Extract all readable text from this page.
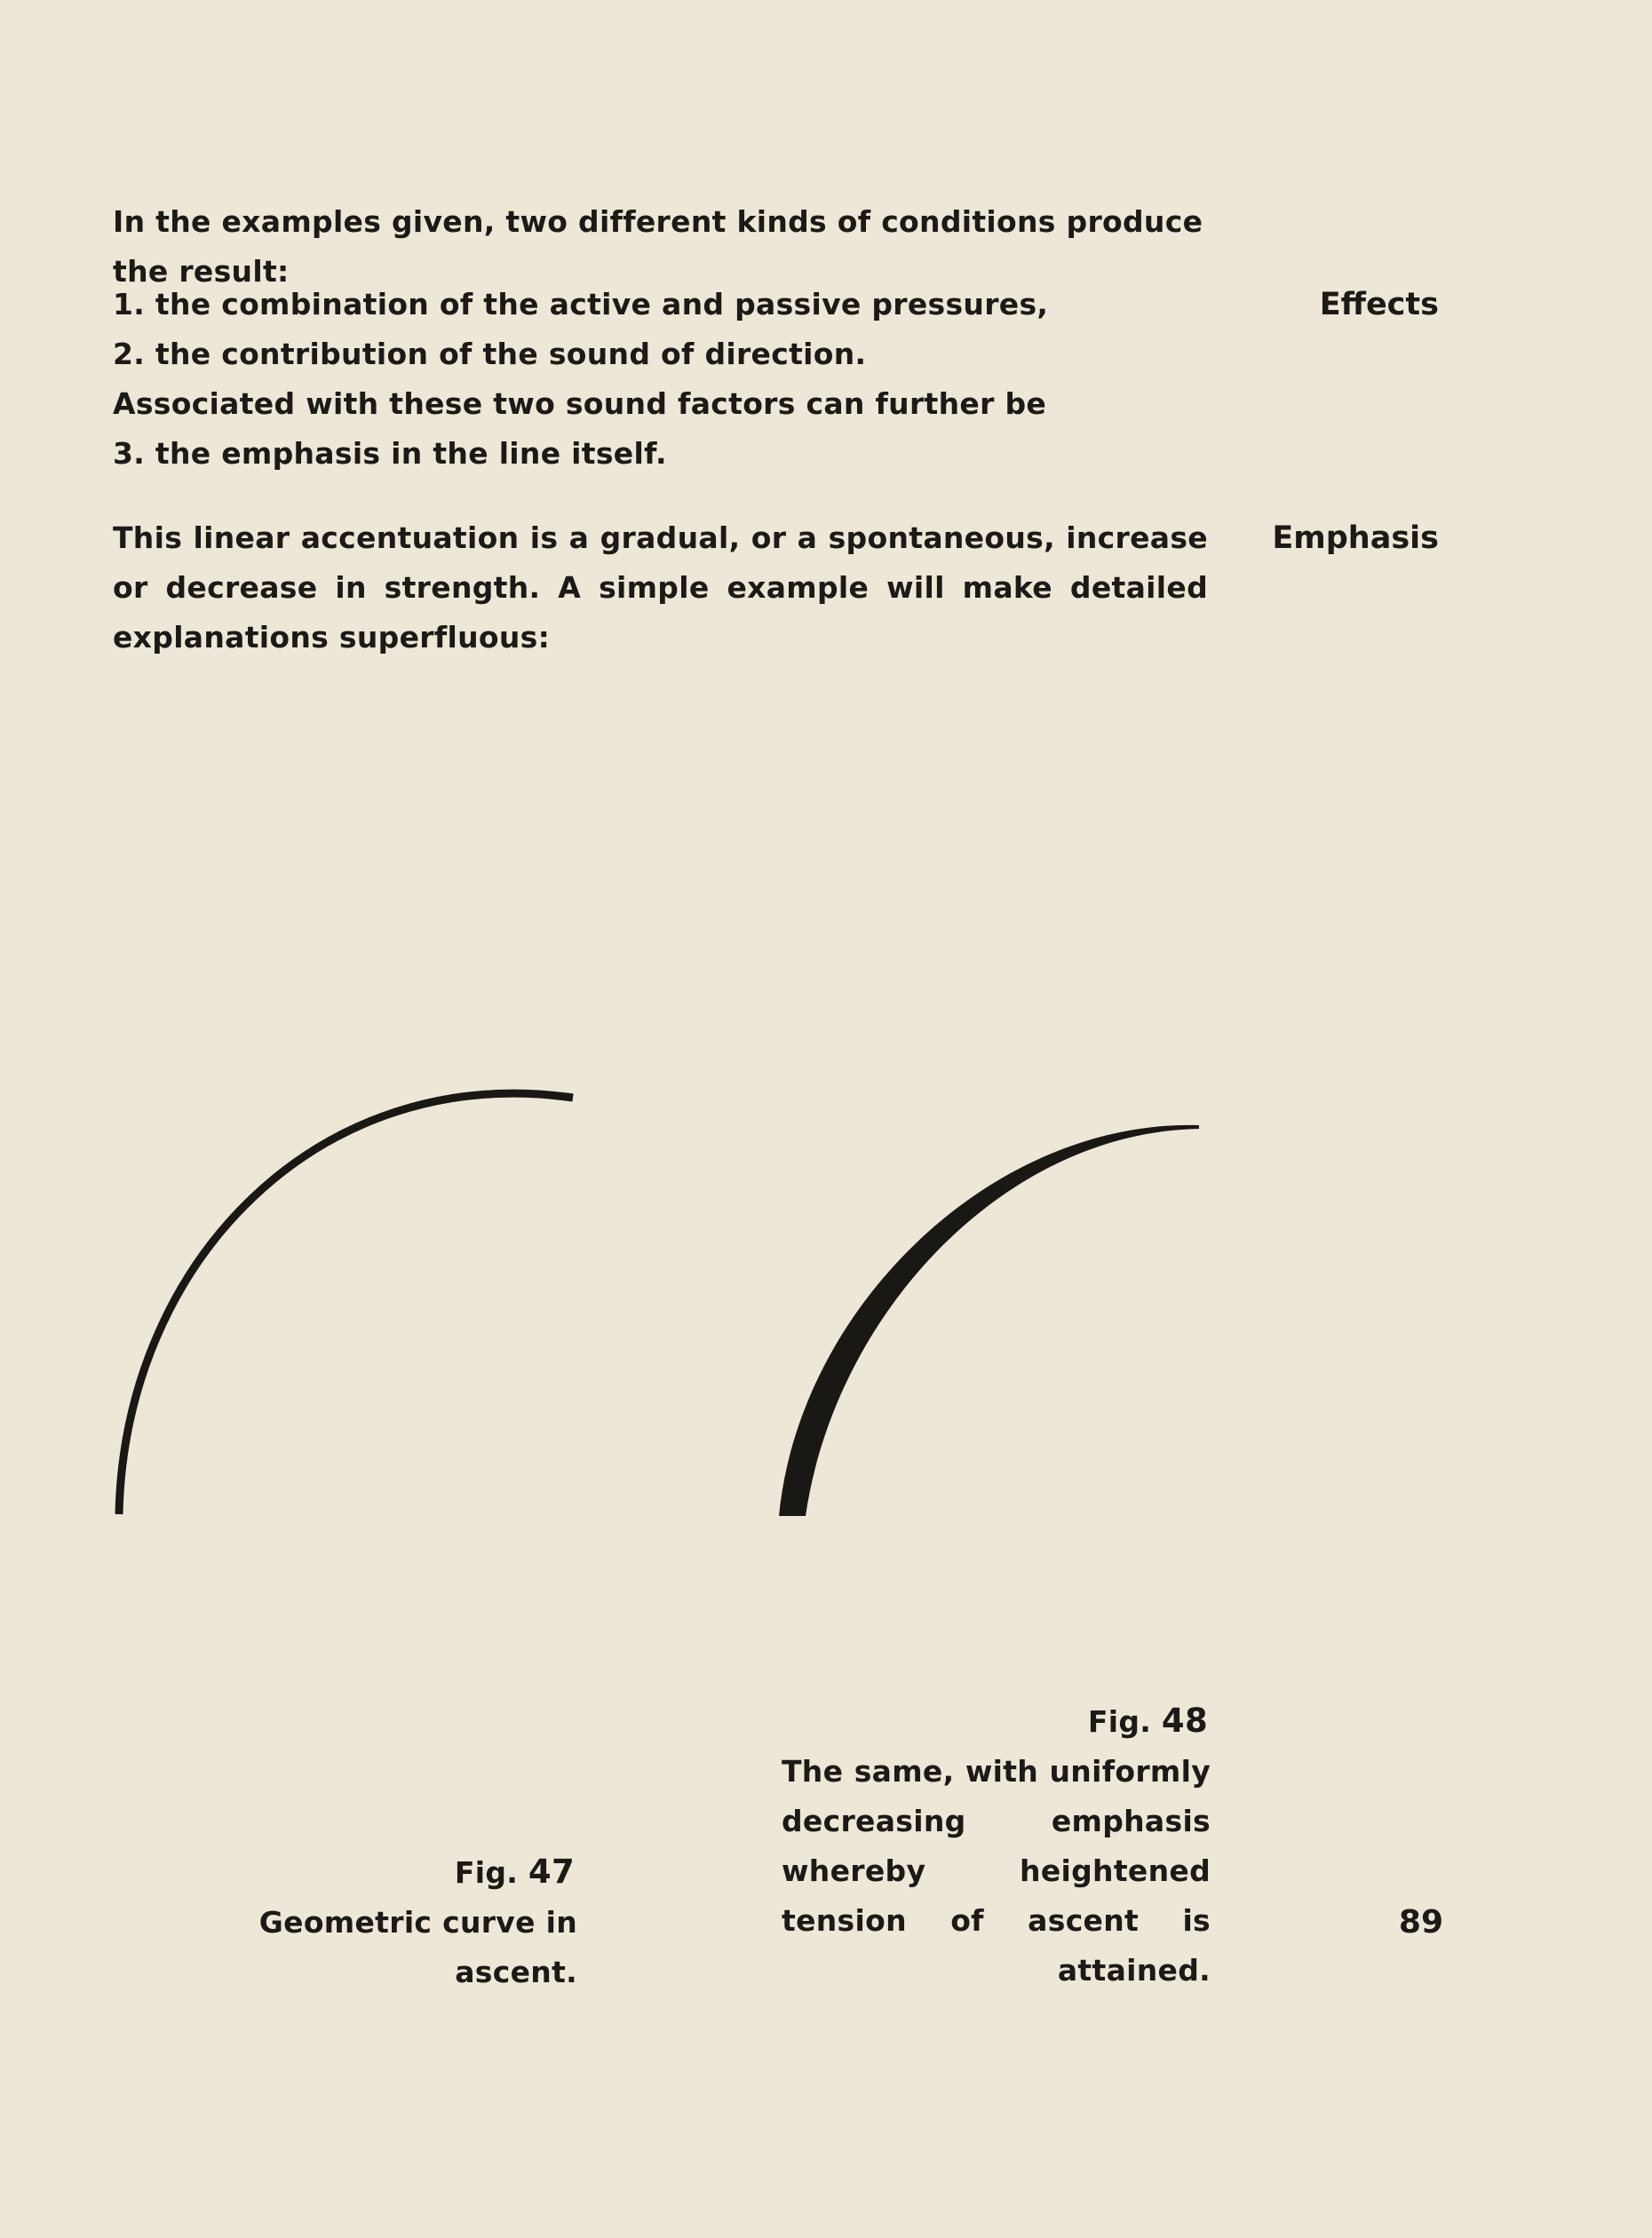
In the examples given, two different kinds of conditions produce the result:
1. the combination of the active and passive pressures,
2. the contribution of the sound of direction.
Associated with these two sound factors can further be
3. the emphasis in the line itself.
Effects
This linear accentuation is a gradual, or a spontaneous, increase or decrease in strength. A simple example will make detailed explanations superfluous:
Emphasis
Fig. 47
Geometric curve in ascent.
Fig. 48
The same, with uniformly decreasing emphasis whereby heightened tension of ascent is attained.
89
